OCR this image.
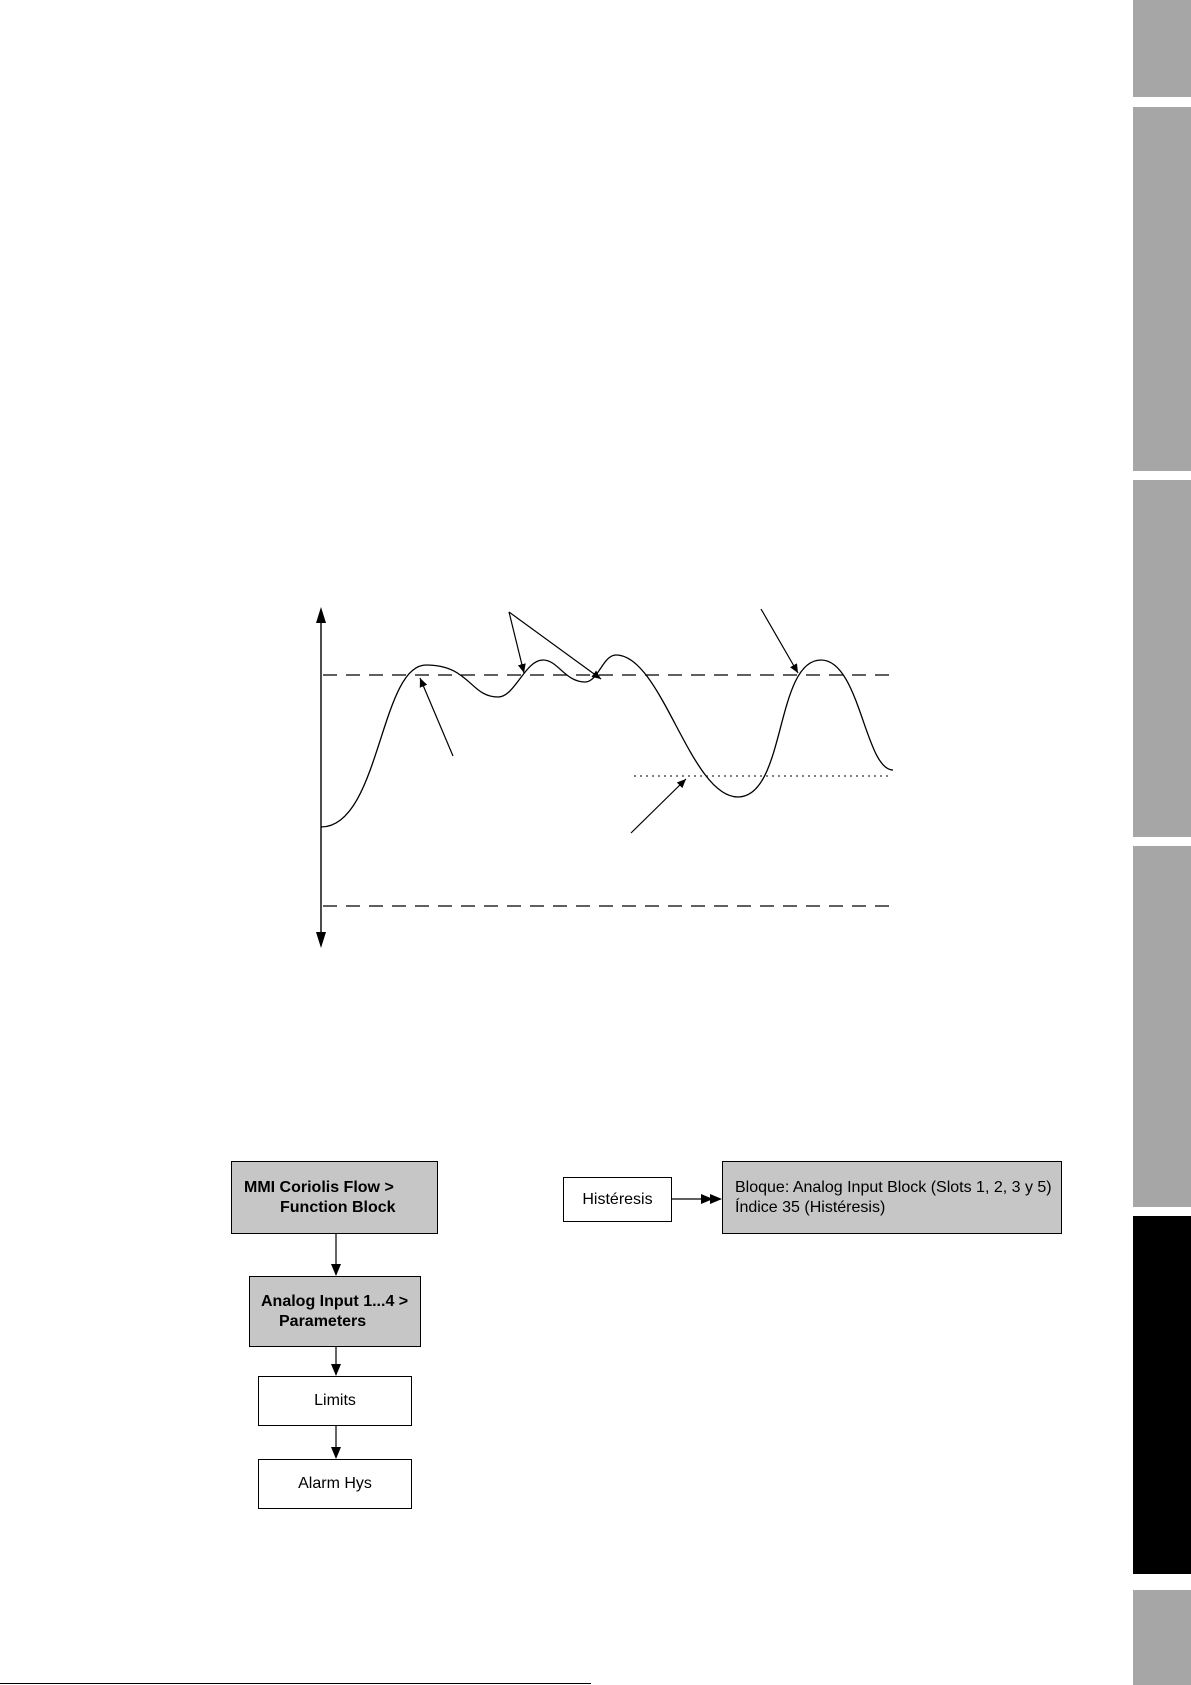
MMI Coriolis Flow >
Function Block
Analog Input 1...4 >
Parameters
Limits
Alarm Hys
Histéresis
Bloque: Analog Input Block (Slots 1, 2, 3 y 5)
Índice 35 (Histéresis)
